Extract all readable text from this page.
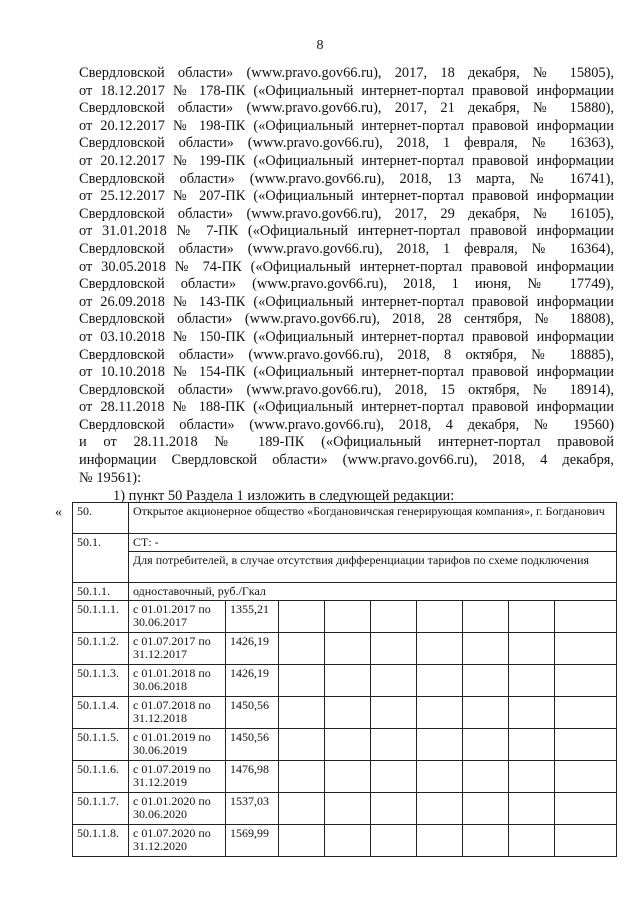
8
Свердловской области» (www.pravo.gov66.ru), 2017, 18 декабря, № 15805),
от 18.12.2017 № 178-ПК («Официальный интернет-портал правовой информации
Свердловской области» (www.pravo.gov66.ru), 2017, 21 декабря, № 15880),
от 20.12.2017 № 198-ПК («Официальный интернет-портал правовой информации
Свердловской области» (www.pravo.gov66.ru), 2018, 1 февраля, № 16363),
от 20.12.2017 № 199-ПК («Официальный интернет-портал правовой информации
Свердловской области» (www.pravo.gov66.ru), 2018, 13 марта, № 16741),
от 25.12.2017 № 207-ПК («Официальный интернет-портал правовой информации
Свердловской области» (www.pravo.gov66.ru), 2017, 29 декабря, № 16105),
от 31.01.2018 № 7-ПК («Официальный интернет-портал правовой информации
Свердловской области» (www.pravo.gov66.ru), 2018, 1 февраля, № 16364),
от 30.05.2018 № 74-ПК («Официальный интернет-портал правовой информации
Свердловской области» (www.pravo.gov66.ru), 2018, 1 июня, № 17749),
от 26.09.2018 № 143-ПК («Официальный интернет-портал правовой информации
Свердловской области» (www.pravo.gov66.ru), 2018, 28 сентября, № 18808),
от 03.10.2018 № 150-ПК («Официальный интернет-портал правовой информации
Свердловской области» (www.pravo.gov66.ru), 2018, 8 октября, № 18885),
от 10.10.2018 № 154-ПК («Официальный интернет-портал правовой информации
Свердловской области» (www.pravo.gov66.ru), 2018, 15 октября, № 18914),
от 28.11.2018 № 188-ПК («Официальный интернет-портал правовой информации
Свердловской области» (www.pravo.gov66.ru), 2018, 4 декабря, № 19560)
и от 28.11.2018 № 189-ПК («Официальный интернет-портал правовой
информации Свердловской области» (www.pravo.gov66.ru), 2018, 4 декабря,
№ 19561):
1) пункт 50 Раздела 1 изложить в следующей редакции:
« 50.	Открытое акционерное общество «Богдановичская генерирующая компания», г. Богданович								
50.1.	СТ: -								
	Для потребителей, в случае отсутствия дифференциации тарифов по схеме подключения								
50.1.1.	одноставочный, руб./Гкал								
50.1.1.1.	с 01.01.2017 по 30.06.2017	1355,21							
50.1.1.2.	с 01.07.2017 по 31.12.2017	1426,19							
50.1.1.3.	с 01.01.2018 по 30.06.2018	1426,19							
50.1.1.4.	с 01.07.2018 по 31.12.2018	1450,56							
50.1.1.5.	с 01.01.2019 по 30.06.2019	1450,56							
50.1.1.6.	с 01.07.2019 по 31.12.2019	1476,98							
50.1.1.7.	с 01.01.2020 по 30.06.2020	1537,03							
50.1.1.8.	с 01.07.2020 по 31.12.2020	1569,99							
